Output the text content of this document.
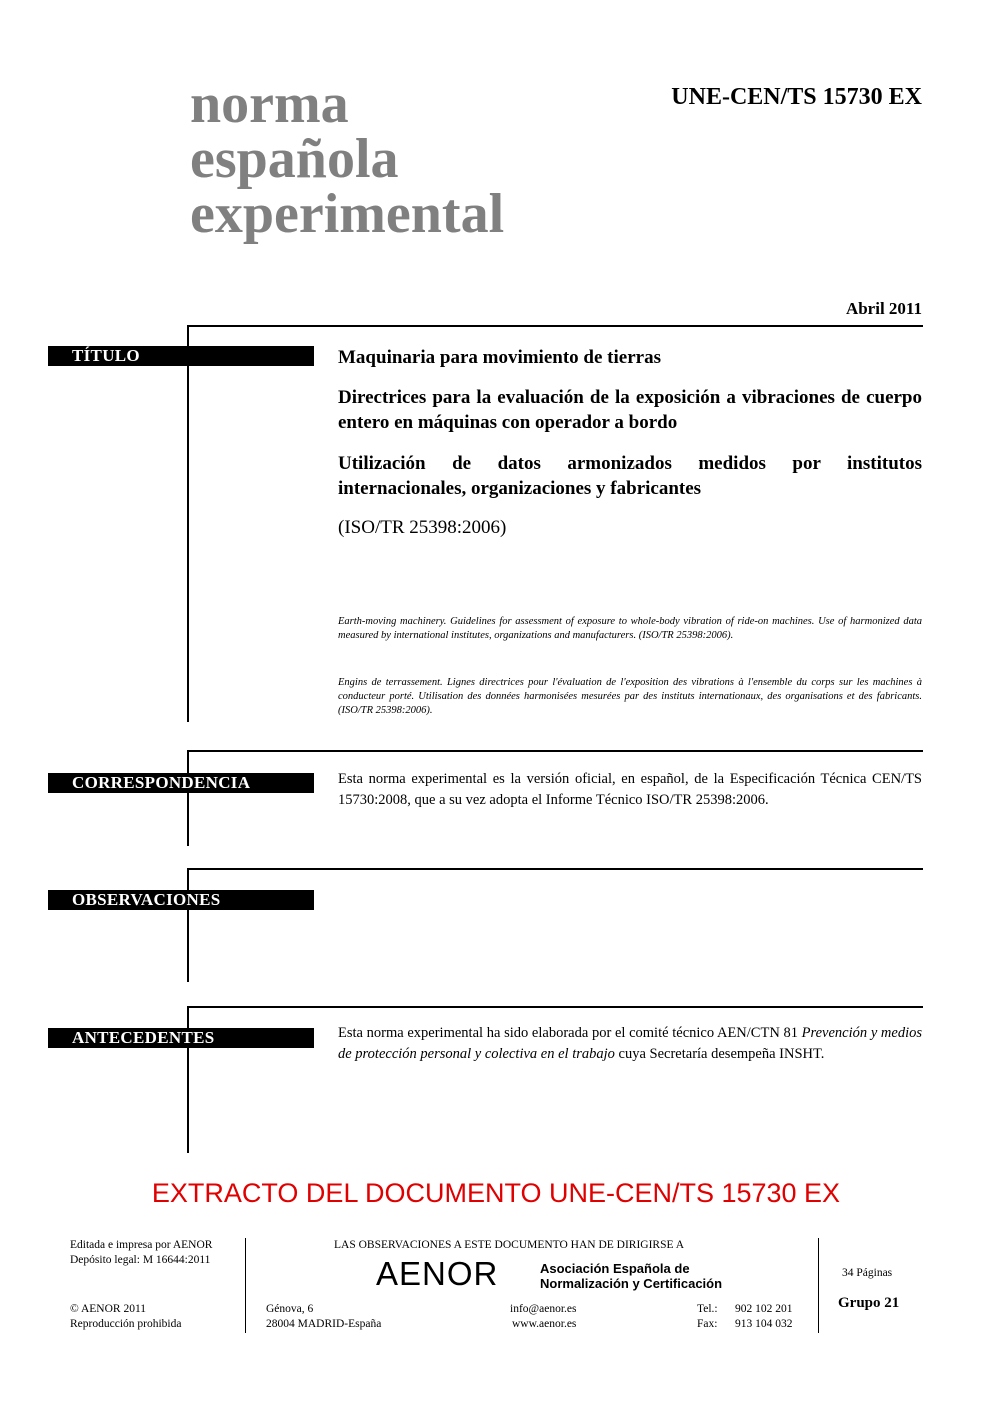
norma
española
experimental
UNE-CEN/TS 15730 EX
Abril 2011
TÍTULO	Maquinaria para movimiento de tierras
Directrices para la evaluación de la exposición a vibraciones de cuerpo entero en máquinas con operador a bordo
Utilización de datos armonizados medidos por institutos internacionales, organizaciones y fabricantes
(ISO/TR 25398:2006)
Earth-moving machinery. Guidelines for assessment of exposure to whole-body vibration of ride-on machines. Use of harmonized data measured by international institutes, organizations and manufacturers. (ISO/TR 25398:2006).
Engins de terrassement. Lignes directrices pour l'évaluation de l'exposition des vibrations à l'ensemble du corps sur les machines à conducteur porté. Utilisation des données harmonisées mesurées par des instituts internationaux, des organisations et des fabricants. (ISO/TR 25398:2006).
CORRESPONDENCIA	Esta norma experimental es la versión oficial, en español, de la Especificación Técnica CEN/TS 15730:2008, que a su vez adopta el Informe Técnico ISO/TR 25398:2006.
OBSERVACIONES
ANTECEDENTES	Esta norma experimental ha sido elaborada por el comité técnico AEN/CTN 81 Prevención y medios de protección personal y colectiva en el trabajo cuya Secretaría desempeña INSHT.
EXTRACTO DEL DOCUMENTO UNE-CEN/TS 15730 EX
Editada e impresa por AENOR
Depósito legal: M 16644:2011
© AENOR 2011
Reproducción prohibida
LAS OBSERVACIONES A ESTE DOCUMENTO HAN DE DIRIGIRSE A
AENOR	Asociación Española de
Normalización y Certificación
Génova, 6
28004 MADRID-España
info@aenor.es
www.aenor.es
Tel.: 902 102 201
Fax: 913 104 032
34 Páginas
Grupo 21
